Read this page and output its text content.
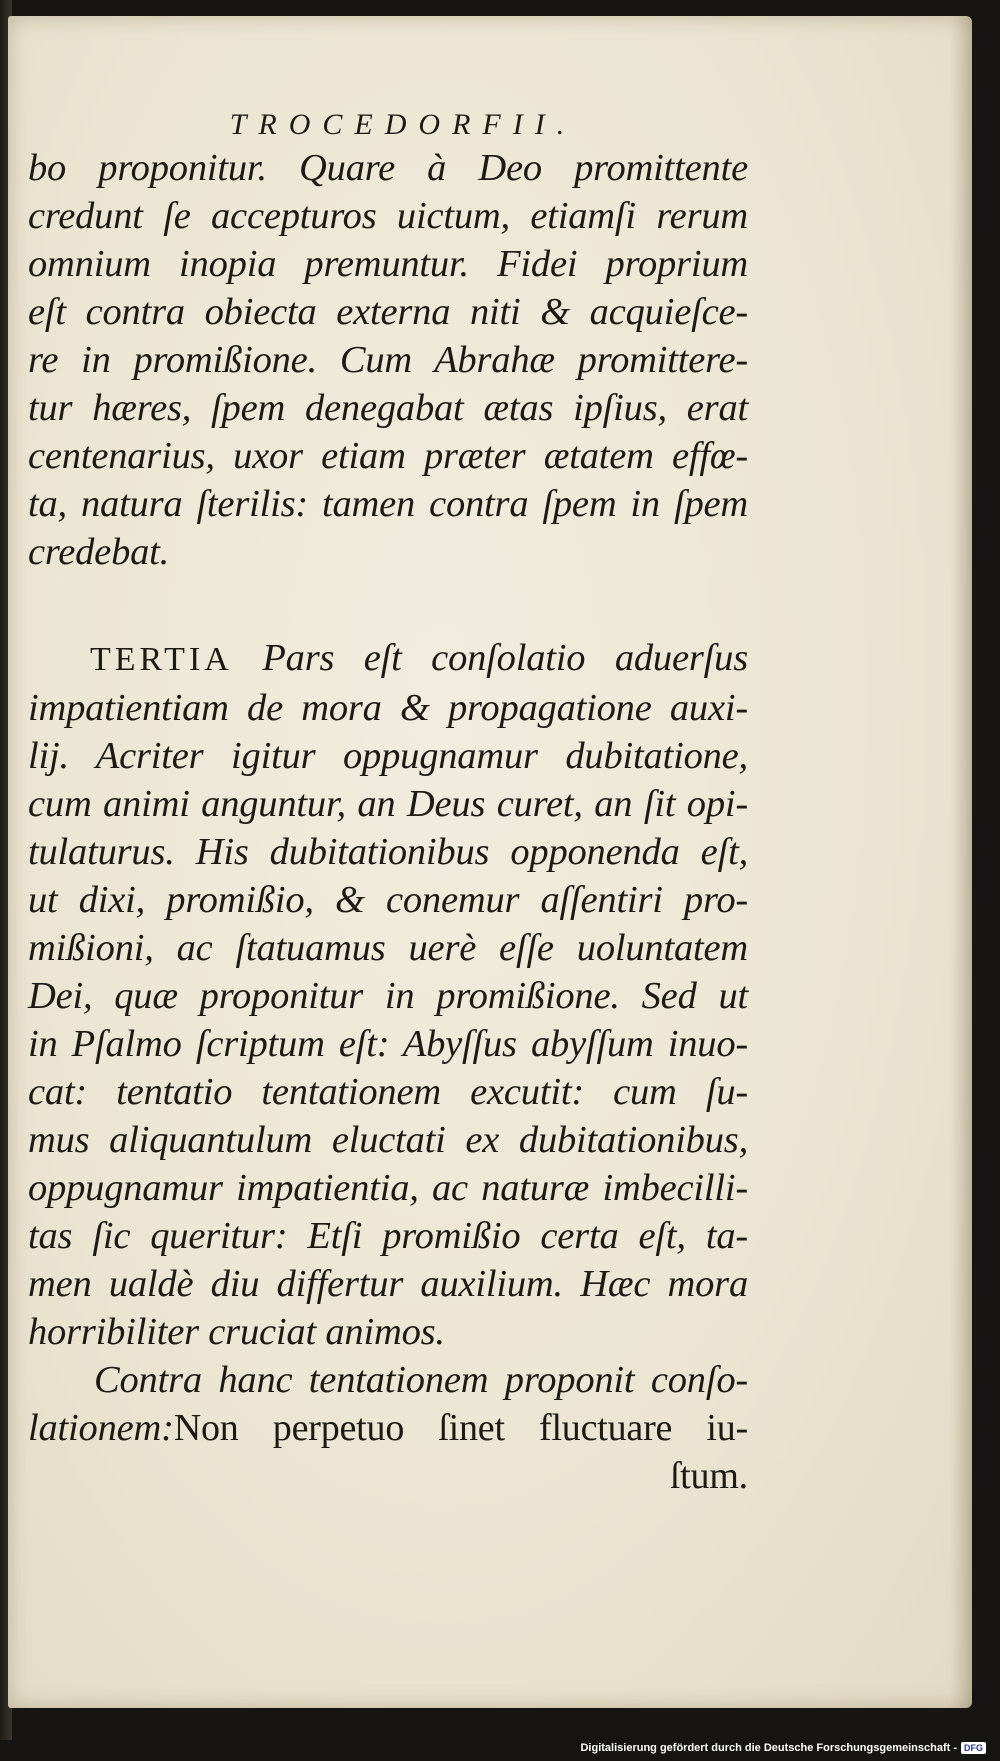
TROCEDORFII.
bo proponitur. Quare à Deo promittente
credunt ſe accepturos uictum, etiamſi rerum
omnium inopia premuntur. Fidei proprium
eſt contra obiecta externa niti & acquieſce-
re in promißione. Cum Abrahæ promittere-
tur hæres, ſpem denegabat ætas ipſius, erat
centenarius, uxor etiam præter ætatem effœ-
ta, natura ſterilis: tamen contra ſpem in ſpem
credebat.
TERTIA Pars eſt conſolatio aduerſus
impatientiam de mora & propagatione auxi-
lij. Acriter igitur oppugnamur dubitatione,
cum animi anguntur, an Deus curet, an ſit opi-
tulaturus. His dubitationibus opponenda eſt,
ut dixi, promißio, & conemur aſſentiri pro-
mißioni, ac ſtatuamus uerè eſſe uoluntatem
Dei, quæ proponitur in promißione. Sed ut
in Pſalmo ſcriptum eſt: Abyſſus abyſſum inuo-
cat: tentatio tentationem excutit: cum ſu-
mus aliquantulum eluctati ex dubitationibus,
oppugnamur impatientia, ac naturæ imbecilli-
tas ſic queritur: Etſi promißio certa eſt, ta-
men ualdè diu differtur auxilium. Hæc mora
horribiliter cruciat animos.
Contra hanc tentationem proponit conſo-
lationem:Non perpetuo ſinet fluctuare iu-
ſtum.
Digitalisierung gefördert durch die Deutsche Forschungsgemeinschaft - DFG
